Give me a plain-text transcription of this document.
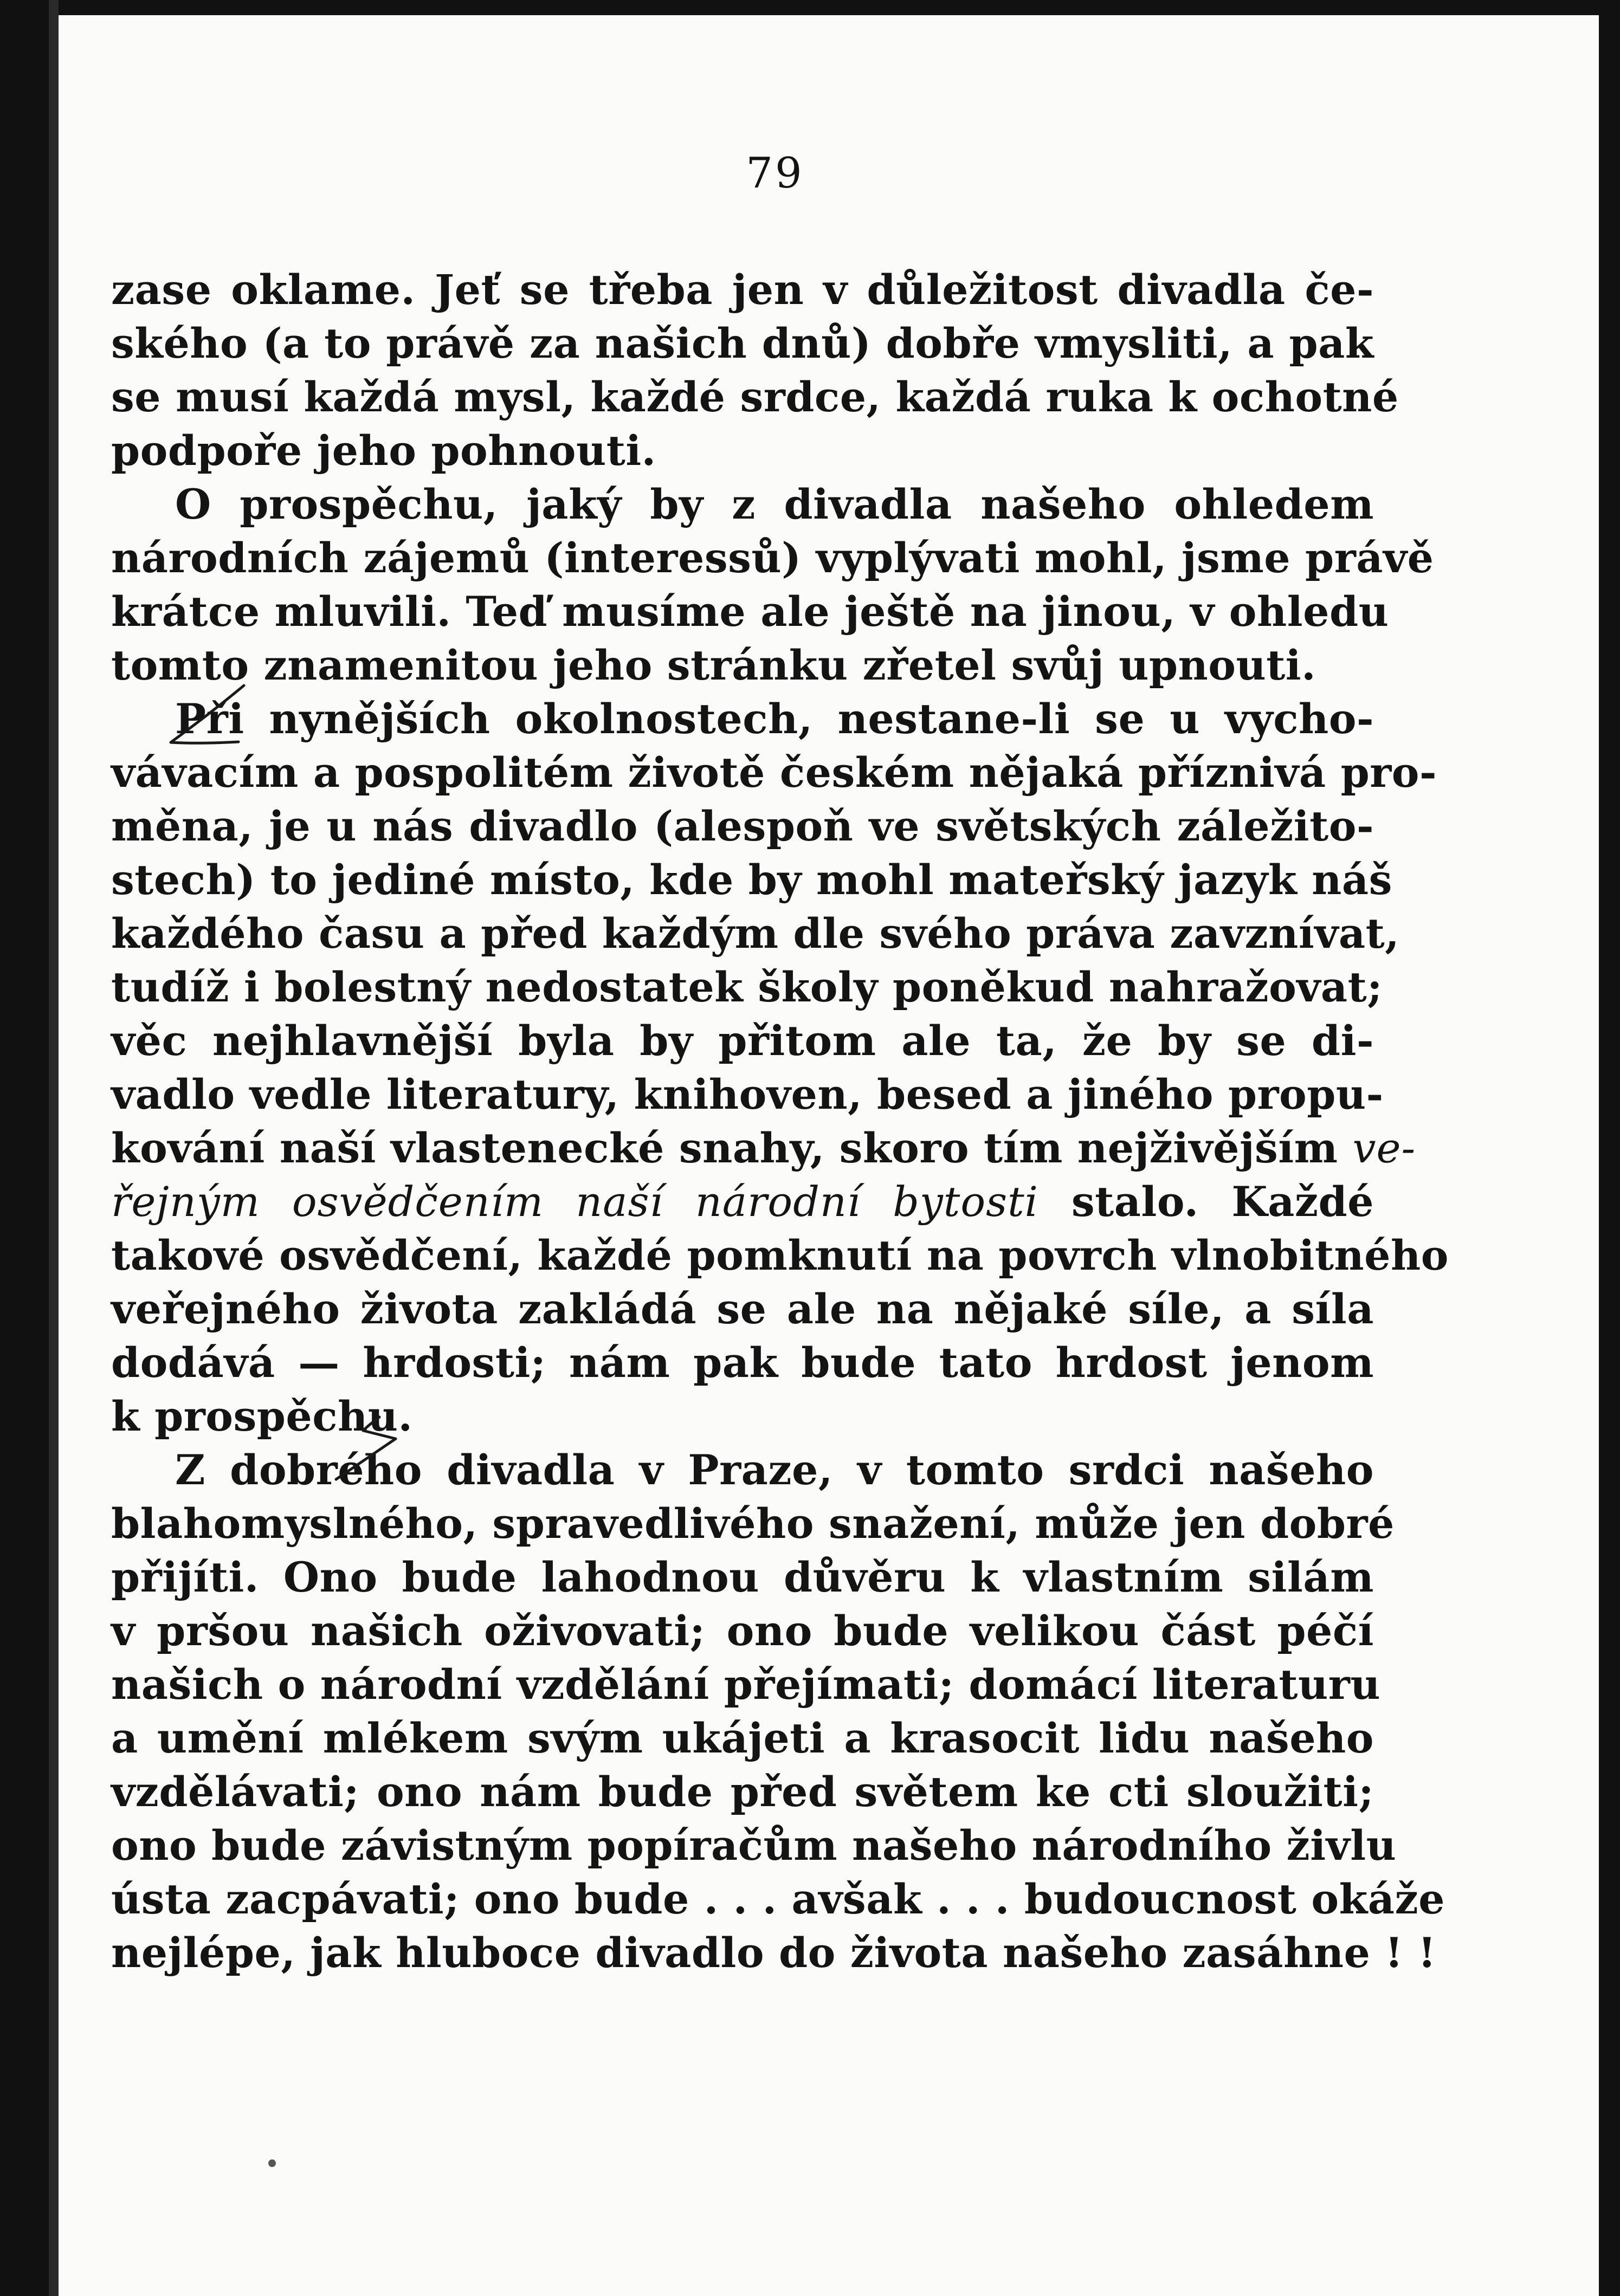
79
zase oklame. Jeť se třeba jen v důležitost divadla če-
ského (a to právě za našich dnů) dobře vmysliti, a pak
se musí každá mysl, každé srdce, každá ruka k ochotné
podpoře jeho pohnouti.
O prospěchu, jaký by z divadla našeho ohledem
národních zájemů (interessů) vyplývati mohl, jsme právě
krátce mluvili. Teď musíme ale ještě na jinou, v ohledu
tomto znamenitou jeho stránku zřetel svůj upnouti.
Při nynějších okolnostech, nestane-li se u vycho-
vávacím a pospolitém životě českém nějaká příznivá pro-
měna, je u nás divadlo (alespoň ve světských záležito-
stech) to jediné místo, kde by mohl mateřský jazyk náš
každého času a před každým dle svého práva zavznívat,
tudíž i bolestný nedostatek školy poněkud nahražovat;
věc nejhlavnější byla by přitom ale ta, že by se di-
vadlo vedle literatury, knihoven, besed a jiného propu-
kování naší vlastenecké snahy, skoro tím nejživějším ve-
řejným osvědčením naší národní bytosti stalo. Každé
takové osvědčení, každé pomknutí na povrch vlnobitného
veřejného života zakládá se ale na nějaké síle, a síla
dodává — hrdosti; nám pak bude tato hrdost jenom
k prospěchu.
Z dobrého divadla v Praze, v tomto srdci našeho
blahomyslného, spravedlivého snažení, může jen dobré
přijíti. Ono bude lahodnou důvěru k vlastním silám
v pršou našich oživovati; ono bude velikou část péčí
našich o národní vzdělání přejímati; domácí literaturu
a umění mlékem svým ukájeti a krasocit lidu našeho
vzdělávati; ono nám bude před světem ke cti sloužiti;
ono bude závistným popíračům našeho národního živlu
ústa zacpávati; ono bude . . . avšak . . . budoucnost okáže
nejlépe, jak hluboce divadlo do života našeho zasáhne ! !
